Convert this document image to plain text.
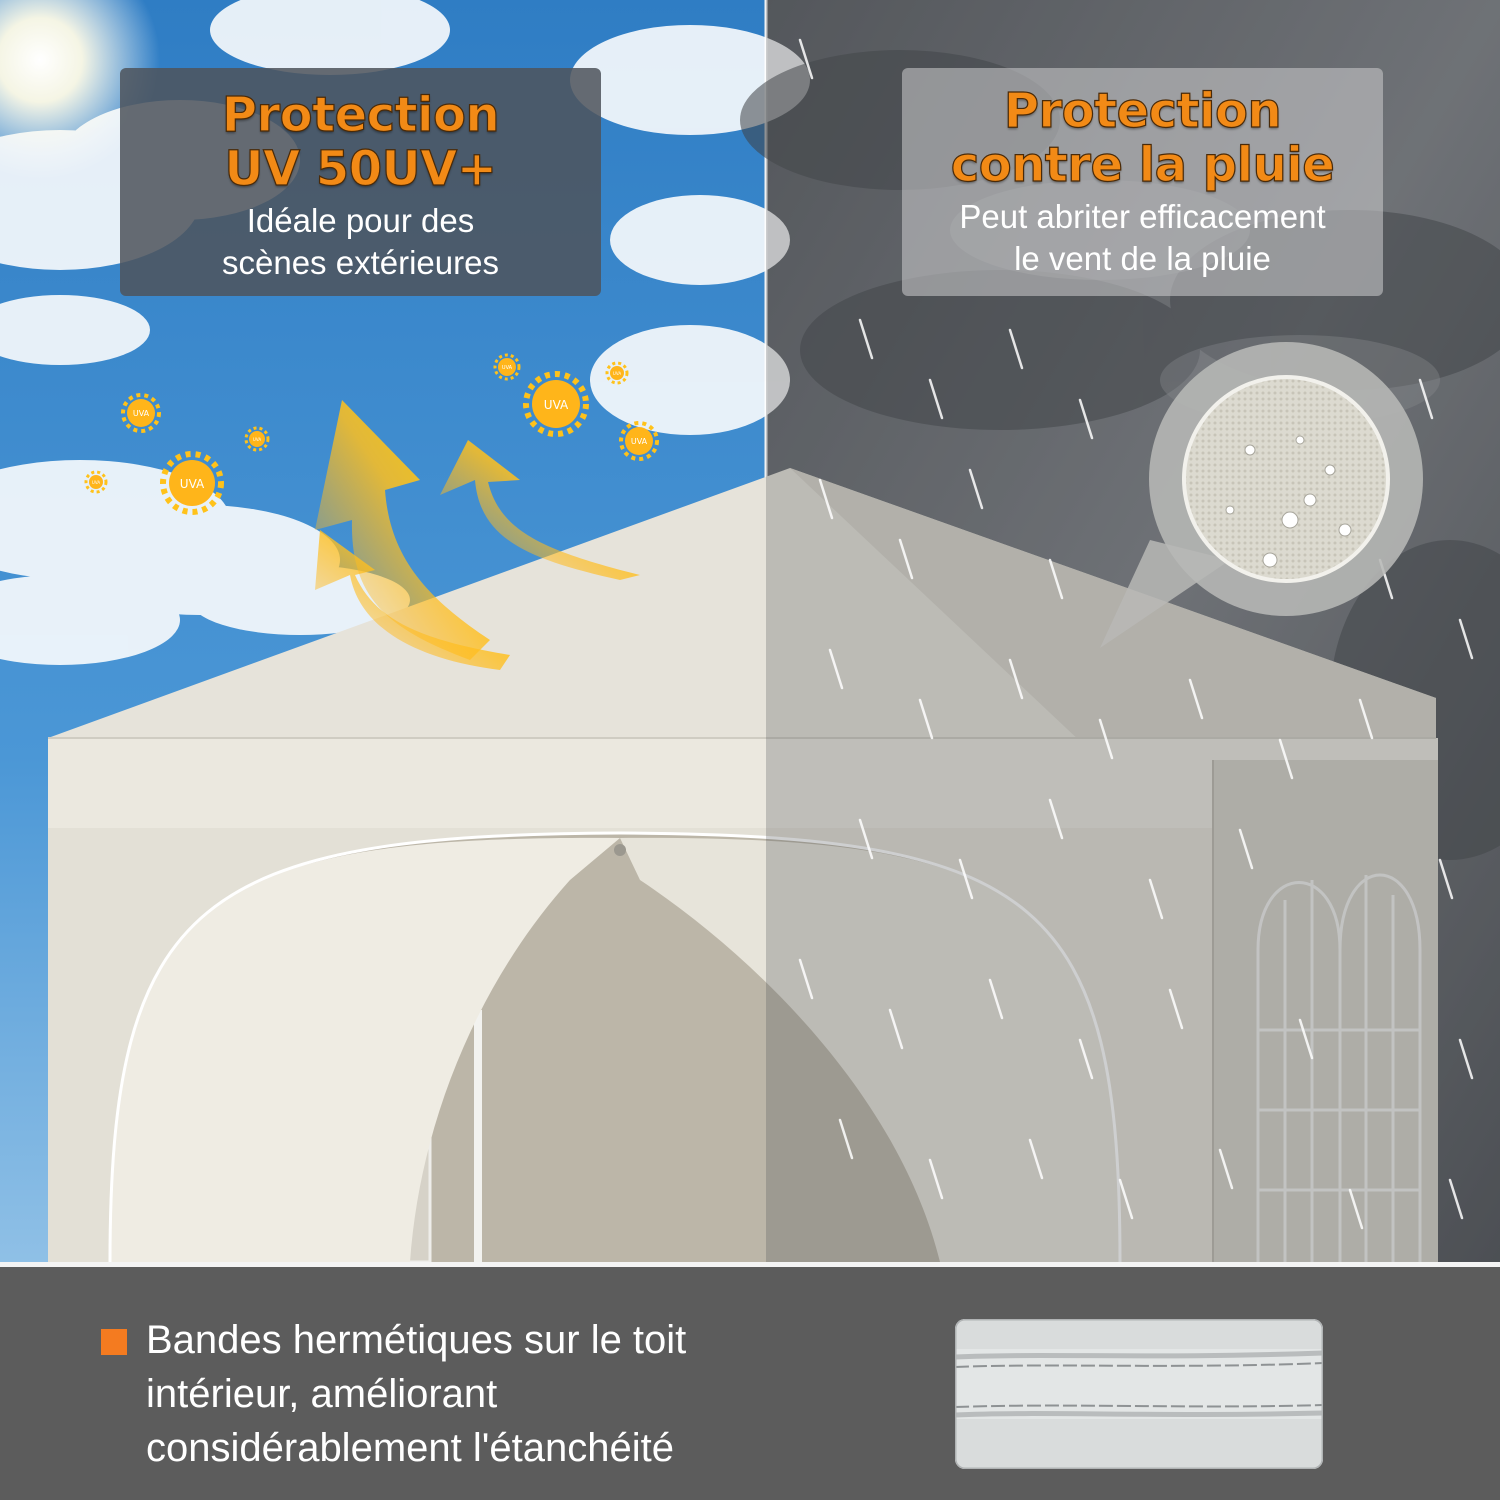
UVA
UVA
UVA
UVA
UVA
UVA
UVA
UVA
Protection
UV 50UV+
Idéale pour des
scènes extérieures
Protection
contre la pluie
Peut abriter efficacement
le vent de la pluie
Bandes hermétiques sur le toit
intérieur, améliorant
considérablement l'étanchéité
